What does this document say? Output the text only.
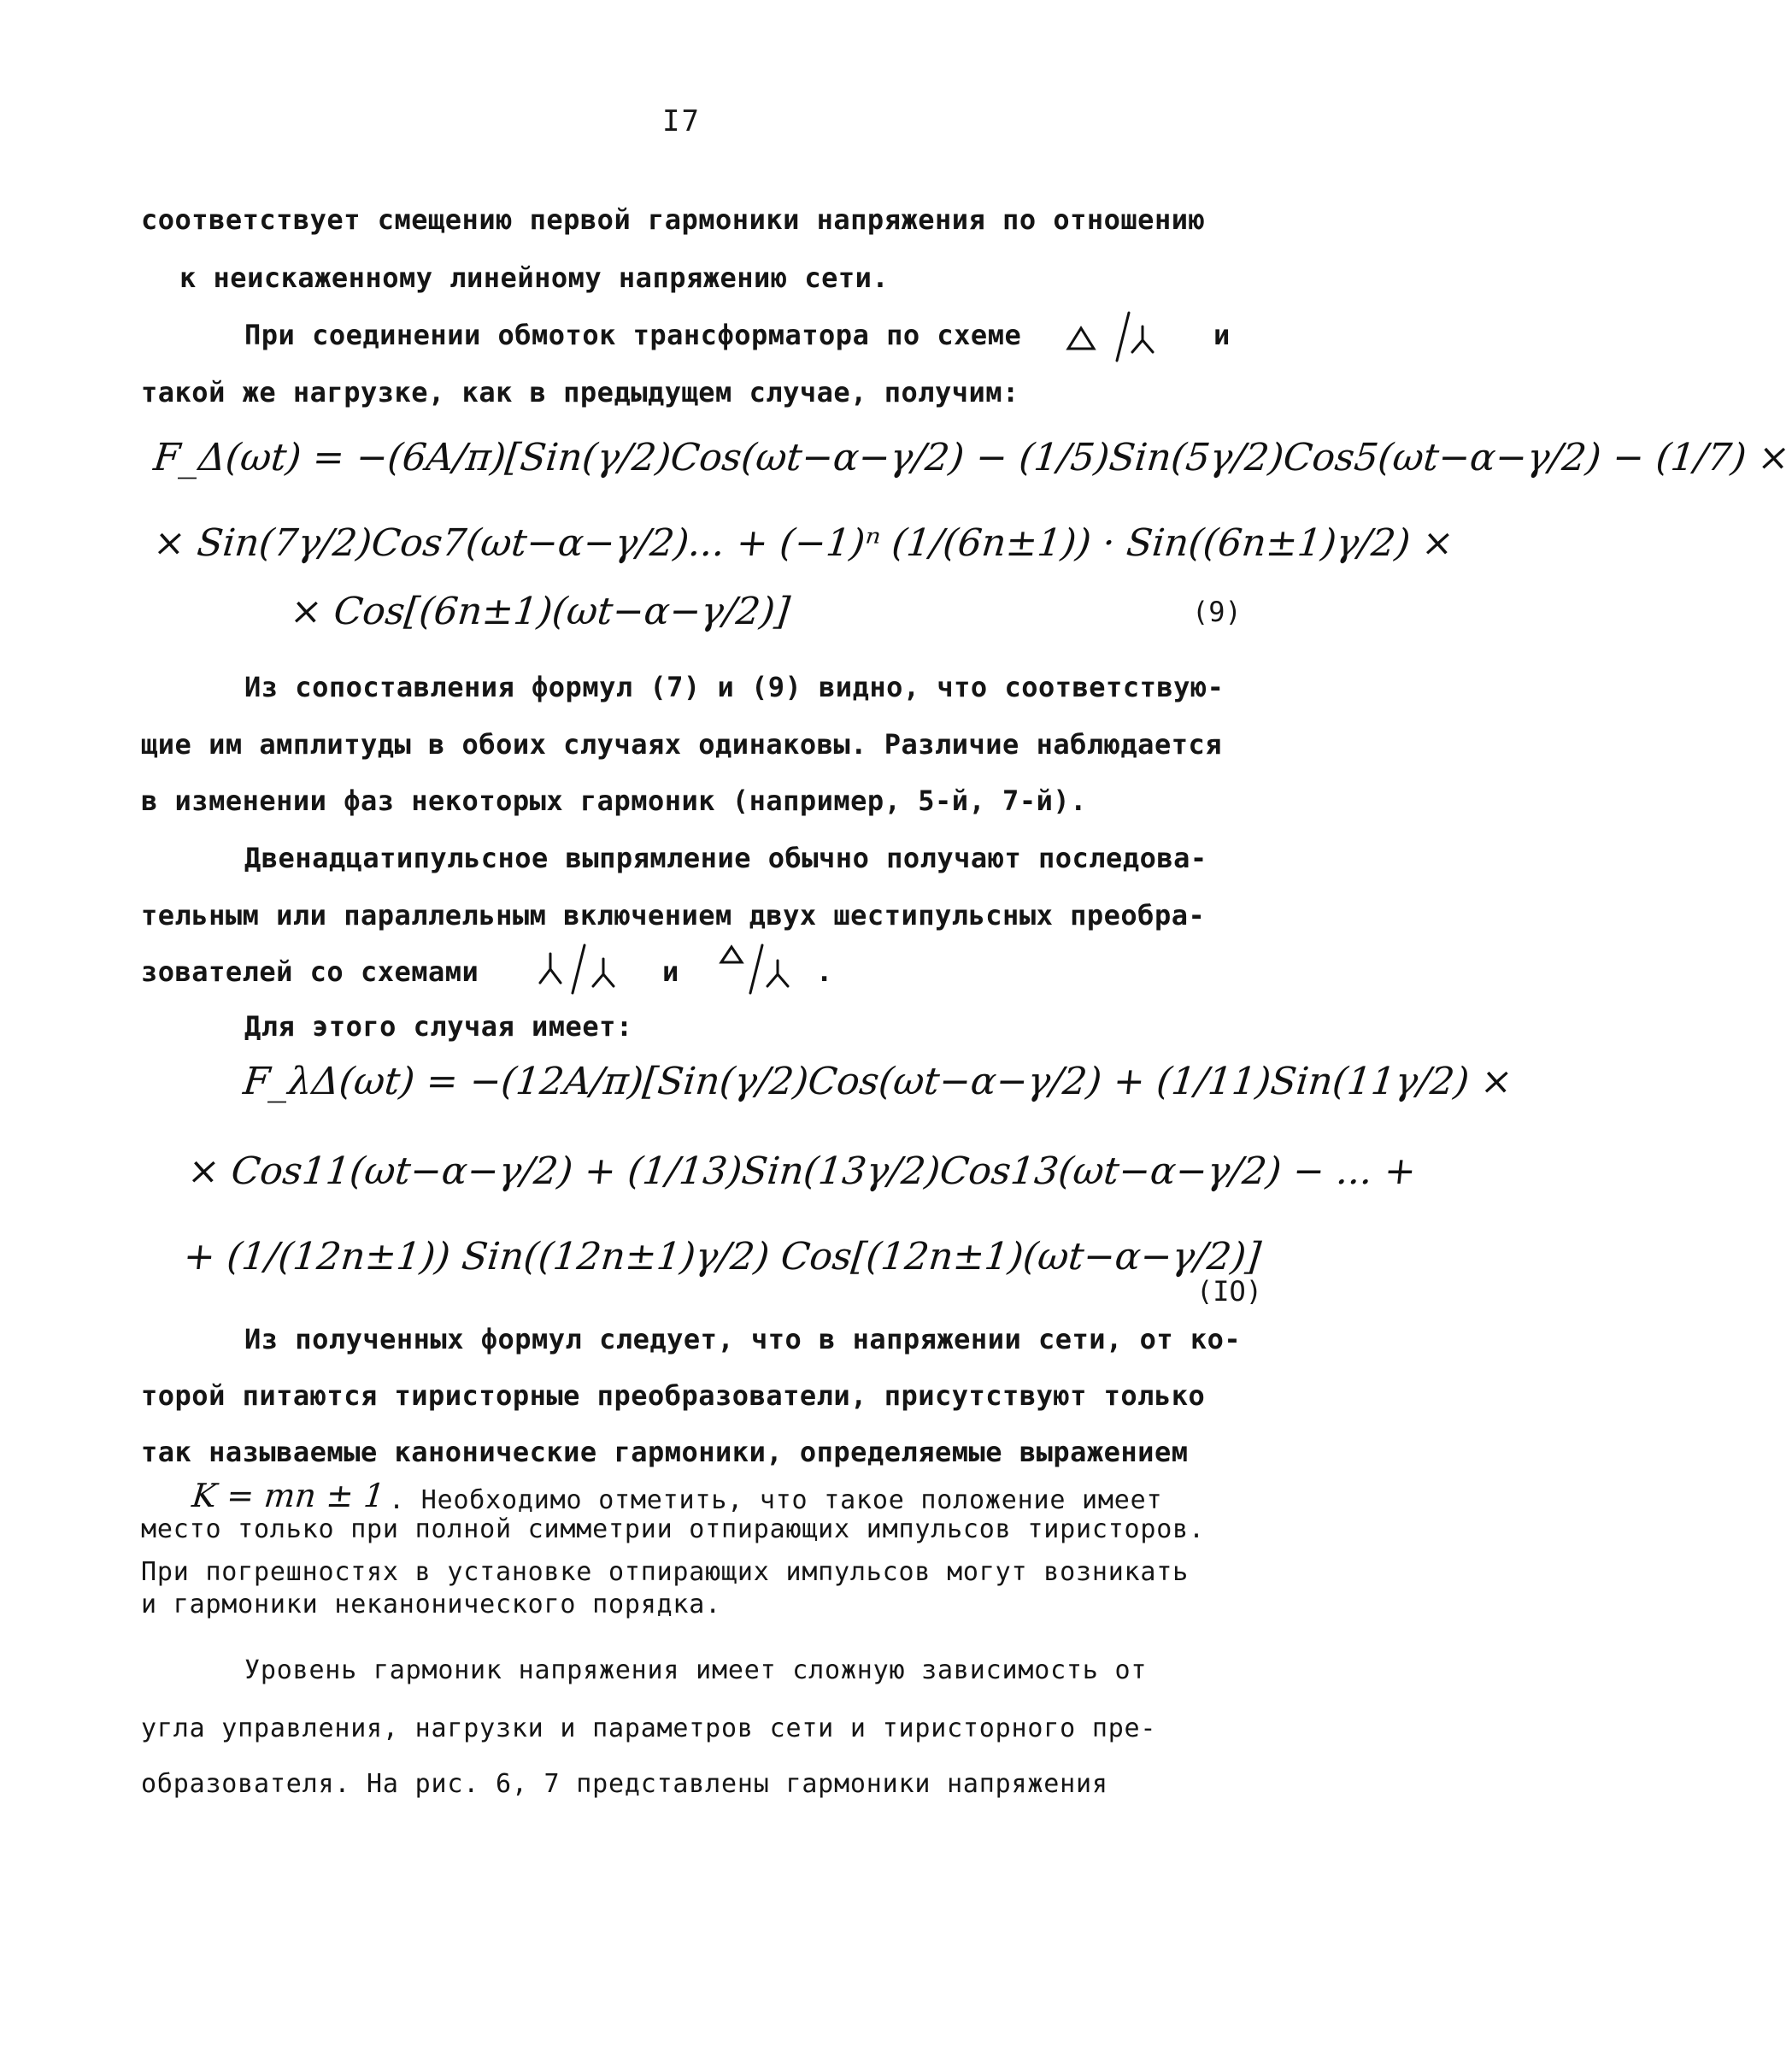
I7
соответствует смещению первой гармоники напряжения по отношению
к неискаженному линейному напряжению сети.
При соединении обмоток трансформатора по схеме	и
такой же нагрузке, как в предыдущем случае, получим:
F_Δ(ωt) = −(6A/π)[Sin(γ/2)Cos(ωt−α−γ/2) − (1/5)Sin(5γ/2)Cos5(ωt−α−γ/2) − (1/7) ×
× Sin(7γ/2)Cos7(ωt−α−γ/2)... + (−1)ⁿ (1/(6n±1)) · Sin((6n±1)γ/2) ×
× Cos[(6n±1)(ωt−α−γ/2)]	(9)
Из сопоставления формул (7) и (9) видно, что соответствую-
щие им амплитуды в обоих случаях одинаковы. Различие наблюдается
в изменении фаз некоторых гармоник (например, 5-й, 7-й).
Двенадцатипульсное выпрямление обычно получают последова-
тельным или параллельным включением двух шестипульсных преобра-
зователей со схемами	и	.
Для этого случая имеет:
F_λΔ(ωt) = −(12A/π)[Sin(γ/2)Cos(ωt−α−γ/2) + (1/11)Sin(11γ/2) ×
× Cos11(ωt−α−γ/2) + (1/13)Sin(13γ/2)Cos13(ωt−α−γ/2) − ... +
+ (1/(12n±1)) Sin((12n±1)γ/2) Cos[(12n±1)(ωt−α−γ/2)]
(IO)
Из полученных формул следует, что в напряжении сети, от ко-
торой питаются тиристорные преобразователи, присутствуют только
так называемые канонические гармоники, определяемые выражением
K = mn ± 1 . Необходимо отметить, что такое положение имеет
место только при полной симметрии отпирающих импульсов тиристоров.
При погрешностях в установке отпирающих импульсов могут возникать
и гармоники неканонического порядка.
Уровень гармоник напряжения имеет сложную зависимость от
угла управления, нагрузки и параметров сети и тиристорного пре-
образователя. На рис. 6, 7 представлены гармоники напряжения
